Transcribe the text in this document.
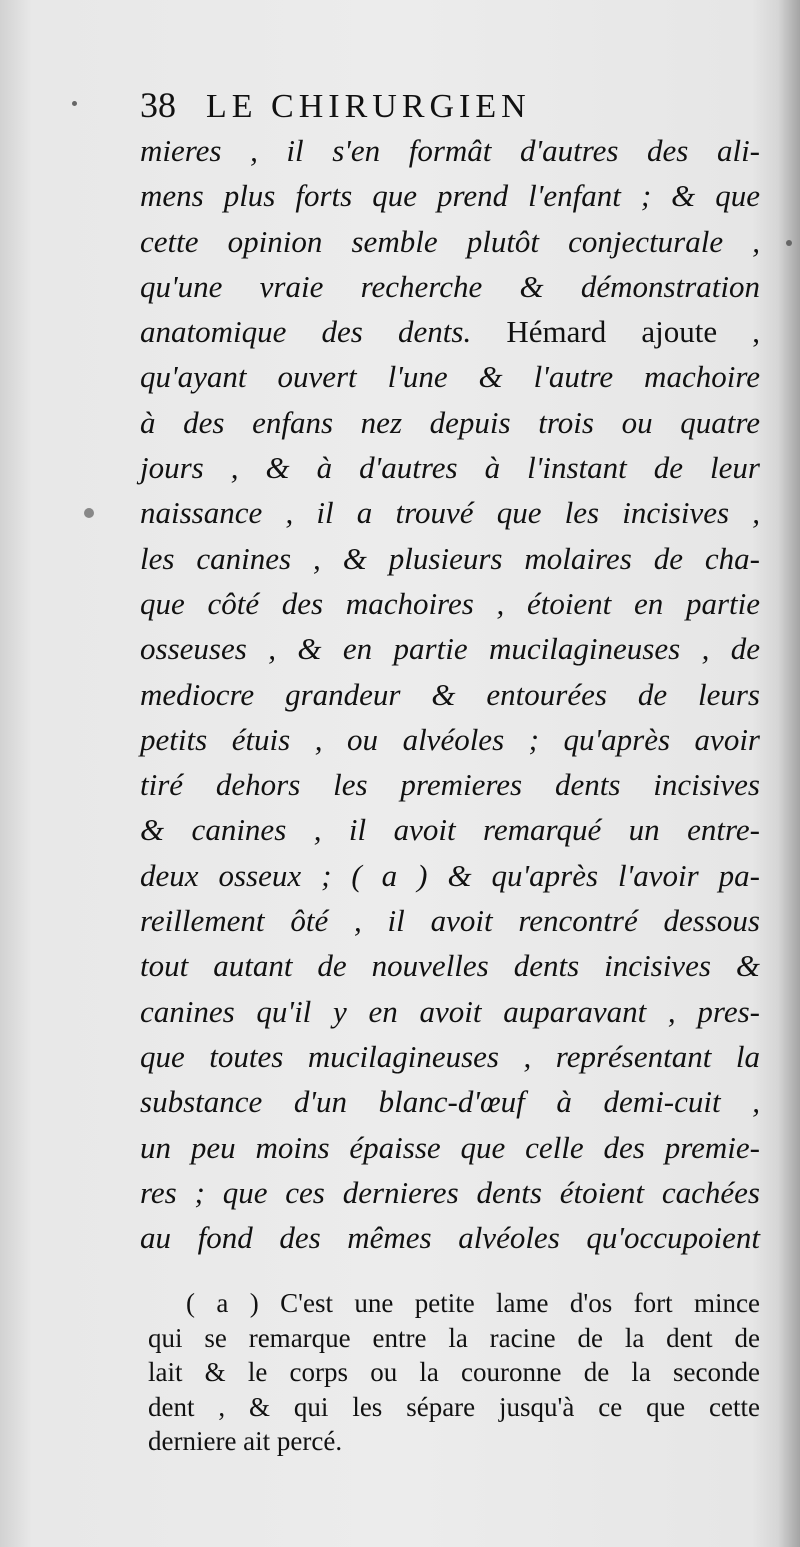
38 LE CHIRURGIEN
mieres , il s'en formât d'autres des ali-
mens plus forts que prend l'enfant ; & que
cette opinion semble plutôt conjecturale ,
qu'une vraie recherche & démonstration
anatomique des dents. Hémard ajoute ,
qu'ayant ouvert l'une & l'autre machoire
à des enfans nez depuis trois ou quatre
jours , & à d'autres à l'instant de leur
naissance , il a trouvé que les incisives ,
les canines , & plusieurs molaires de cha-
que côté des machoires , étoient en partie
osseuses , & en partie mucilagineuses , de
mediocre grandeur & entourées de leurs
petits étuis , ou alvéoles ; qu'après avoir
tiré dehors les premieres dents incisives
& canines , il avoit remarqué un entre-
deux osseux ; ( a ) & qu'après l'avoir pa-
reillement ôté , il avoit rencontré dessous
tout autant de nouvelles dents incisives &
canines qu'il y en avoit auparavant , pres-
que toutes mucilagineuses , représentant la
substance d'un blanc-d'œuf à demi-cuit ,
un peu moins épaisse que celle des premie-
res ; que ces dernieres dents étoient cachées
au fond des mêmes alvéoles qu'occupoient
( a ) C'est une petite lame d'os fort mince
qui se remarque entre la racine de la dent de
lait & le corps ou la couronne de la seconde
dent , & qui les sépare jusqu'à ce que cette
derniere ait percé.
